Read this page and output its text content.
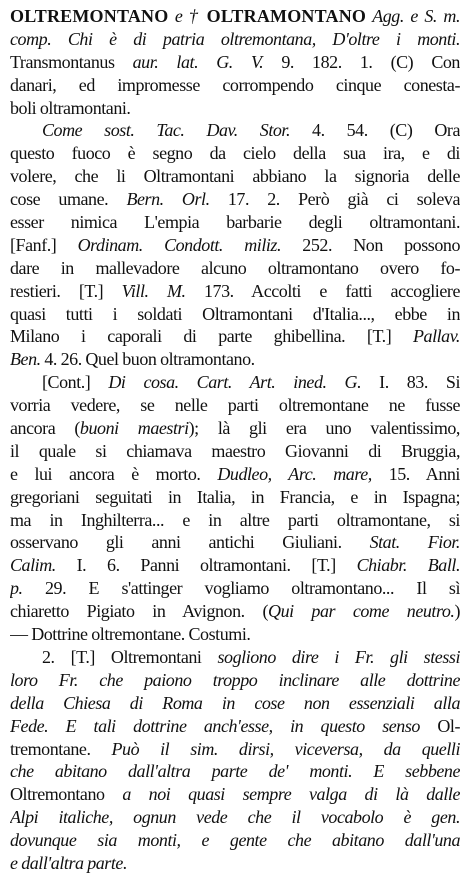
OLTREMONTANO e † OLTRAMONTANO Agg. e S. m.
comp. Chi è di patria oltremontana, D'oltre i monti.
Transmontanus aur. lat. G. V. 9. 182. 1. (C) Con
danari, ed impromesse corrompendo cinque conesta-
boli oltramontani.
Come sost. Tac. Dav. Stor. 4. 54. (C) Ora
questo fuoco è segno da cielo della sua ira, e di
volere, che li Oltramontani abbiano la signoria delle
cose umane. Bern. Orl. 17. 2. Però già ci soleva
esser nimica L'empia barbarie degli oltramontani.
[Fanf.] Ordinam. Condott. miliz. 252. Non possono
dare in mallevadore alcuno oltramontano overo fo-
restieri. [T.] Vill. M. 173. Accolti e fatti accogliere
quasi tutti i soldati Oltramontani d'Italia..., ebbe in
Milano i caporali di parte ghibellina. [T.] Pallav.
Ben. 4. 26. Quel buon oltramontano.
[Cont.] Di cosa. Cart. Art. ined. G. I. 83. Si
vorria vedere, se nelle parti oltremontane ne fusse
ancora (buoni maestri); là gli era uno valentissimo,
il quale si chiamava maestro Giovanni di Bruggia,
e lui ancora è morto. Dudleo, Arc. mare, 15. Anni
gregoriani seguitati in Italia, in Francia, e in Ispagna;
ma in Inghilterra... e in altre parti oltramontane, si
osservano gli anni antichi Giuliani. Stat. Fior.
Calim. I. 6. Panni oltramontani. [T.] Chiabr. Ball.
p. 29. E s'attinger vogliamo oltramontano... Il sì
chiaretto Pigiato in Avignon. (Qui par come neutro.)
— Dottrine oltremontane. Costumi.
2. [T.] Oltremontani sogliono dire i Fr. gli stessi
loro Fr. che paiono troppo inclinare alle dottrine
della Chiesa di Roma in cose non essenziali alla
Fede. E tali dottrine anch'esse, in questo senso Ol-
tremontane. Può il sim. dirsi, viceversa, da quelli
che abitano dall'altra parte de' monti. E sebbene
Oltremontano a noi quasi sempre valga di là dalle
Alpi italiche, ognun vede che il vocabolo è gen.
dovunque sia monti, e gente che abitano dall'una
e dall'altra parte.
